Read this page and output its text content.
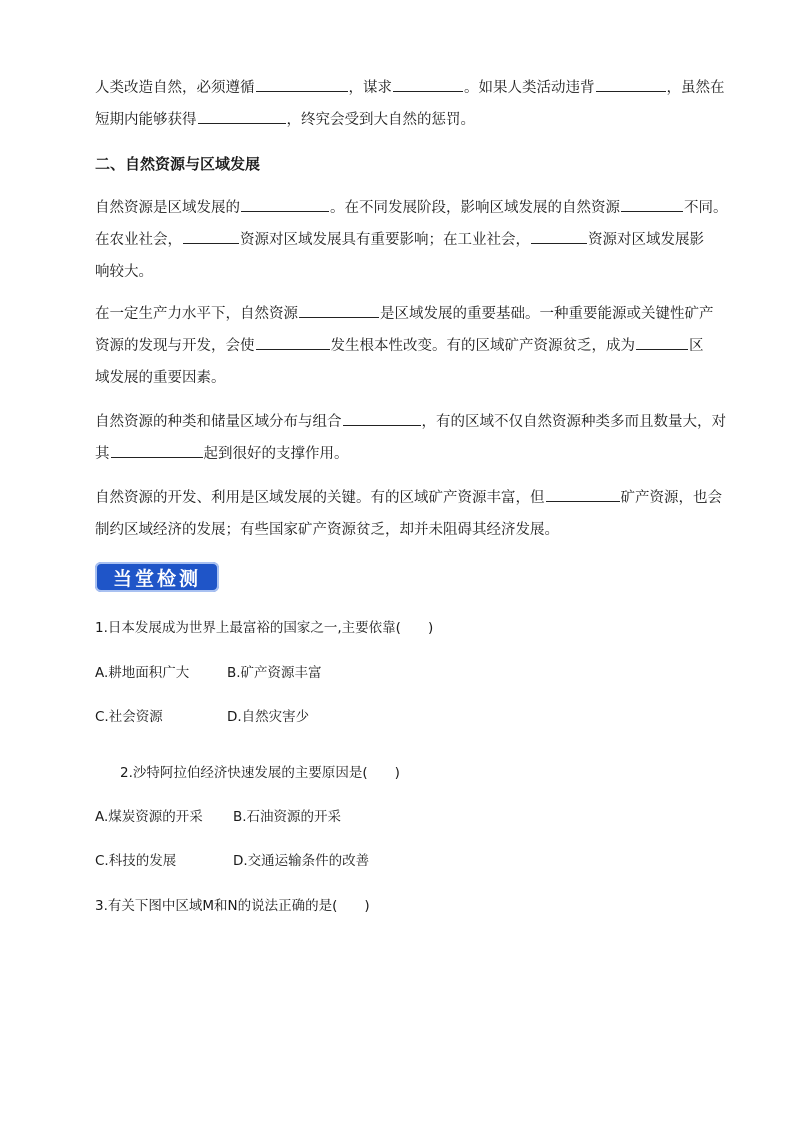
人类改造自然，必须遵循	，谋求	。如果人类活动违背	，虽然在
短期内能够获得	，终究会受到大自然的惩罚。
二、自然资源与区域发展
自然资源是区域发展的	。在不同发展阶段，影响区域发展的自然资源	不同。
在农业社会，	资源对区域发展具有重要影响；在工业社会，	资源对区域发展影
响较大。
在一定生产力水平下，自然资源	是区域发展的重要基础。一种重要能源或关键性矿产
资源的发现与开发，会使	发生根本性改变。有的区域矿产资源贫乏，成为	区
域发展的重要因素。
自然资源的种类和储量区域分布与组合	，有的区域不仅自然资源种类多而且数量大，对
其	起到很好的支撑作用。
自然资源的开发、利用是区域发展的关键。有的区域矿产资源丰富，但	矿产资源，也会
制约区域经济的发展；有些国家矿产资源贫乏，却并未阻碍其经济发展。
当堂检测
1.日本发展成为世界上最富裕的国家之一,主要依靠(　　)
A.耕地面积广大	B.矿产资源丰富
C.社会资源	D.自然灾害少
2.沙特阿拉伯经济快速发展的主要原因是(　　)
A.煤炭资源的开采 B.石油资源的开采
C.科技的发展	D.交通运输条件的改善
3.有关下图中区域M和N的说法正确的是(　　)
